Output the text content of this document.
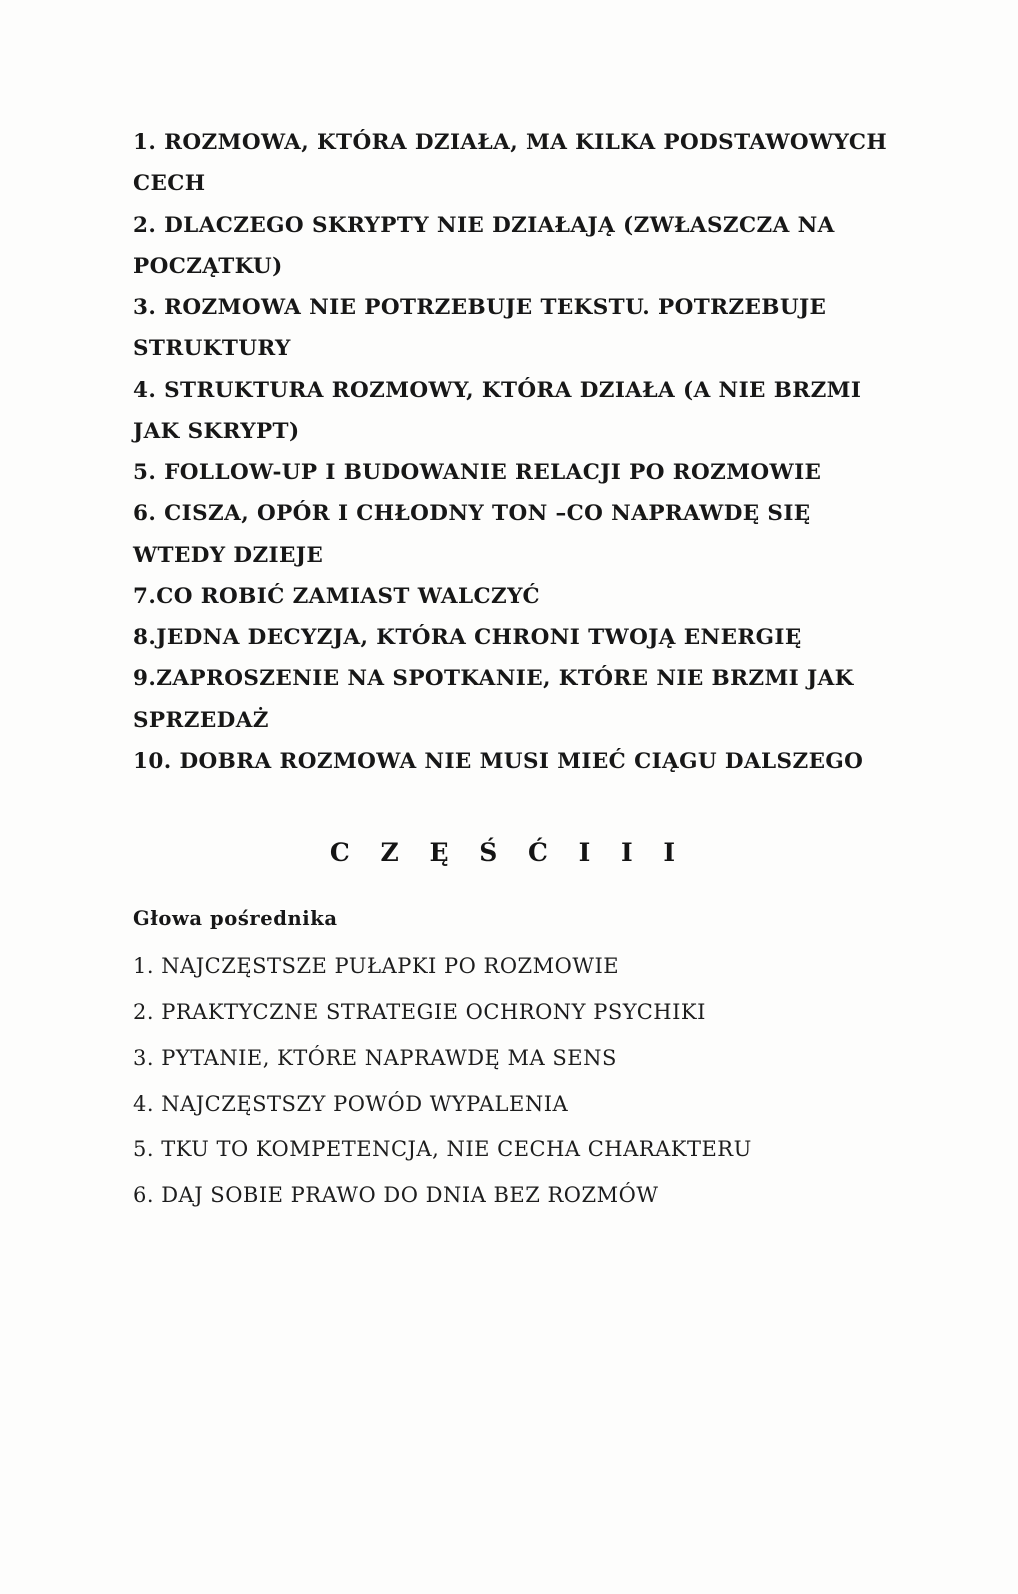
1. ROZMOWA, KTÓRA DZIAŁA, MA KILKA PODSTAWOWYCH CECH
2. DLACZEGO SKRYPTY NIE DZIAŁAJĄ (ZWŁASZCZA NA POCZĄTKU)
3. ROZMOWA NIE POTRZEBUJE TEKSTU. POTRZEBUJE STRUKTURY
4. STRUKTURA ROZMOWY, KTÓRA DZIAŁA (A NIE BRZMI JAK SKRYPT)
5. FOLLOW-UP I BUDOWANIE RELACJI PO ROZMOWIE
6. CISZA, OPÓR I CHŁODNY TON –CO NAPRAWDĘ SIĘ WTEDY DZIEJE
7.CO ROBIĆ ZAMIAST WALCZYĆ
8.JEDNA DECYZJA, KTÓRA CHRONI TWOJĄ ENERGIĘ
9.ZAPROSZENIE NA SPOTKANIE, KTÓRE NIE BRZMI JAK SPRZEDAŻ
10. DOBRA ROZMOWA NIE MUSI MIEĆ CIĄGU DALSZEGO
C Z Ę Ś Ć I I I
Głowa pośrednika
1. NAJCZĘSTSZE PUŁAPKI PO ROZMOWIE
2. PRAKTYCZNE STRATEGIE OCHRONY PSYCHIKI
3. PYTANIE, KTÓRE NAPRAWDĘ MA SENS
4. NAJCZĘSTSZY POWÓD WYPALENIA
5. TKU TO KOMPETENCJA, NIE CECHA CHARAKTERU
6. DAJ SOBIE PRAWO DO DNIA BEZ ROZMÓW
